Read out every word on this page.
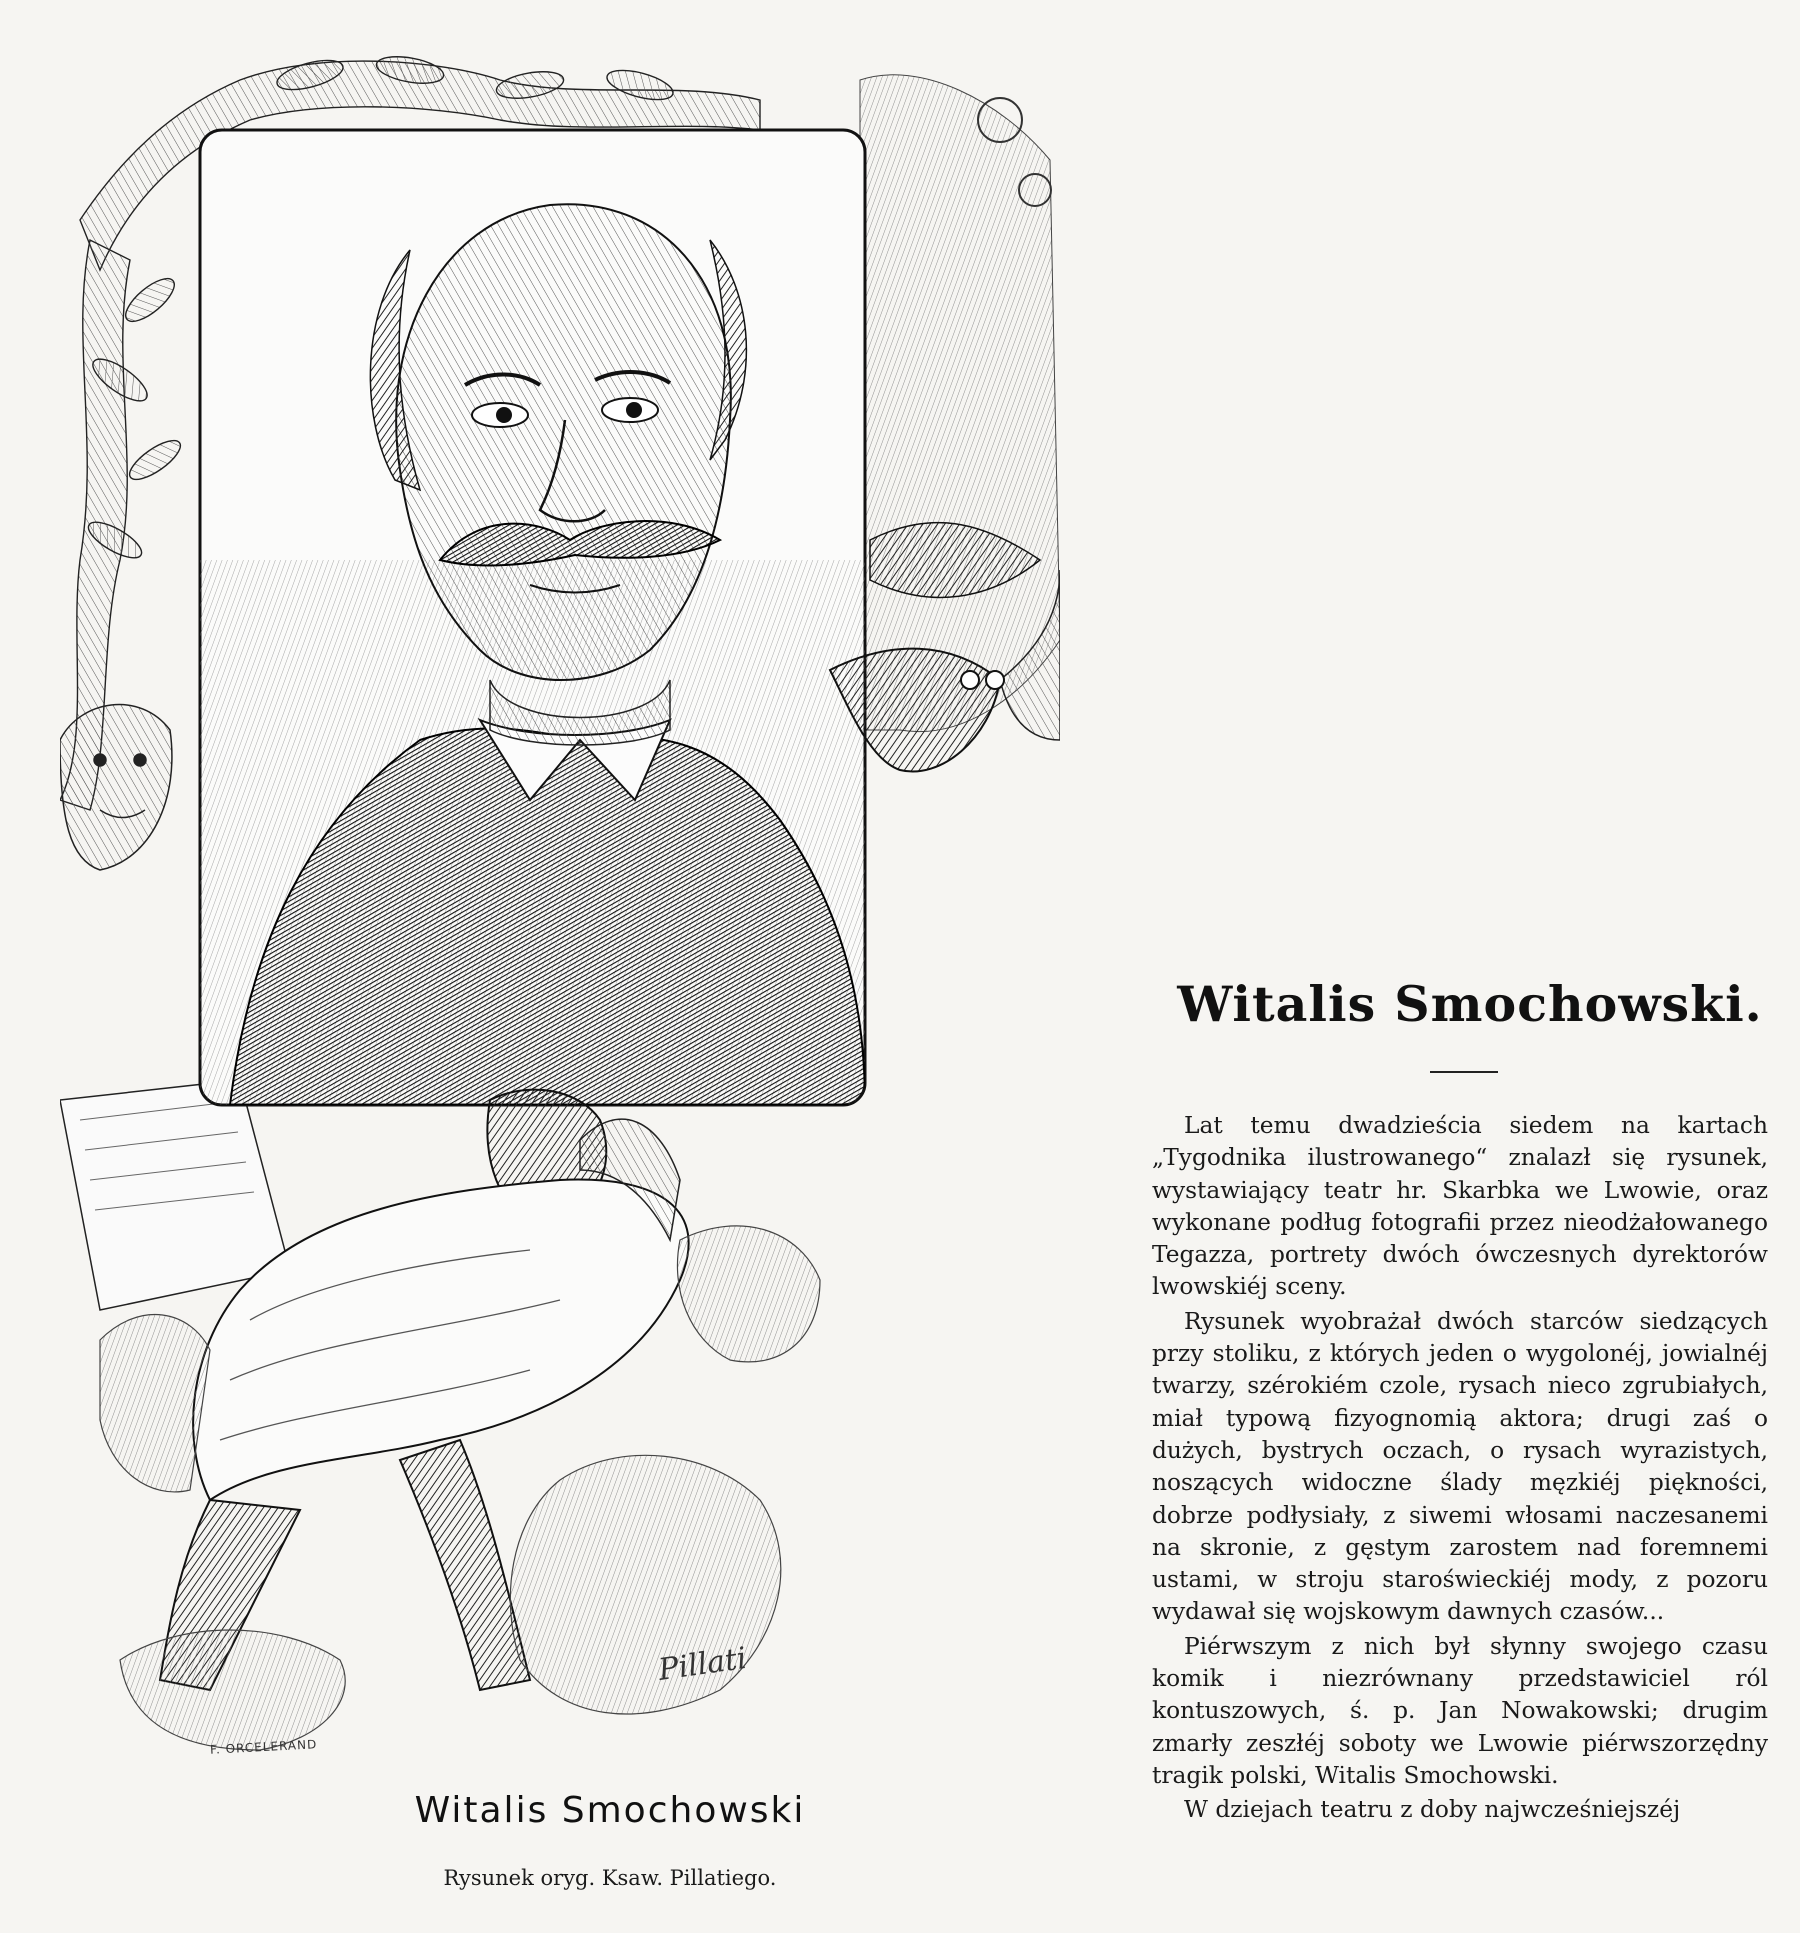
Pillati
F. ORCELERAND
Witalis Smochowski
Rysunek oryg. Ksaw. Pillatiego.
Witalis Smochowski.

Lat temu dwadzieścia siedem na kartach „Tygodnika ilustrowanego“ znalazł się rysunek, wystawiający teatr hr. Skarbka we Lwowie, oraz wykonane podług fotografii przez nieodżałowanego Tegazza, portrety dwóch ówczesnych dyrektorów lwowskiéj sceny.

Rysunek wyobrażał dwóch starców siedzących przy stoliku, z których jeden o wygolonéj, jowialnéj twarzy, szérokiém czole, rysach nieco zgrubiałych, miał typową fizyognomią aktora; drugi zaś o dużych, bystrych oczach, o rysach wyrazistych, noszących widoczne ślady męzkiéj piękności, dobrze podłysiały, z siwemi włosami naczesanemi na skronie, z gęstym zarostem nad foremnemi ustami, w stroju staroświeckiéj mody, z pozoru wydawał się wojskowym dawnych czasów...

Piérwszym z nich był słynny swojego czasu komik i niezrównany przedstawiciel ról kontuszowych, ś. p. Jan Nowakowski; drugim zmarły zeszłéj soboty we Lwowie piérwszorzędny tragik polski, Witalis Smochowski.

W dziejach teatru z doby najwcześniejszéj
